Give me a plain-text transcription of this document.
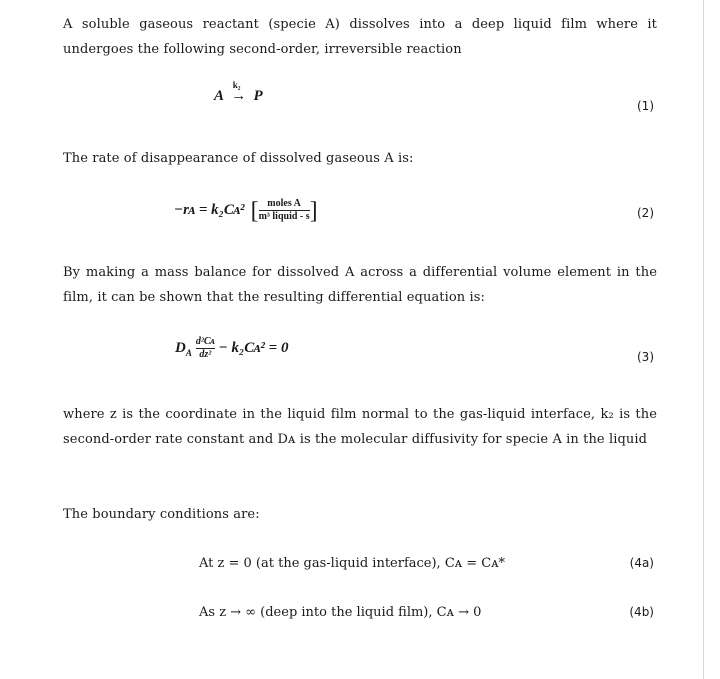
A soluble gaseous reactant (specie A) dissolves into a deep liquid film where it undergoes the following second-order, irreversible reaction
A
k₂
→ P
(1)
The rate of disappearance of dissolved gaseous A is:
−rᴀ = k₂Cᴀ² [ $\frac{\text{moles A}}{\text{m³ liquid - s}}$ ]	(2)
By making a mass balance for dissolved A across a differential volume element in the film, it can be shown that the resulting differential equation is:
$D_A \frac{\text{d²Cᴀ}}{\text{dz²}}$ − k₂Cᴀ² = 0
(3)
where z is the coordinate in the liquid film normal to the gas-liquid interface, k₂ is the second-order rate constant and Dᴀ is the molecular diffusivity for specie A in the liquid
The boundary conditions are:
At z = 0 (at the gas-liquid interface), Cᴀ = Cᴀ*	(4a)
As z → ∞ (deep into the liquid film), Cᴀ → 0	(4b)
